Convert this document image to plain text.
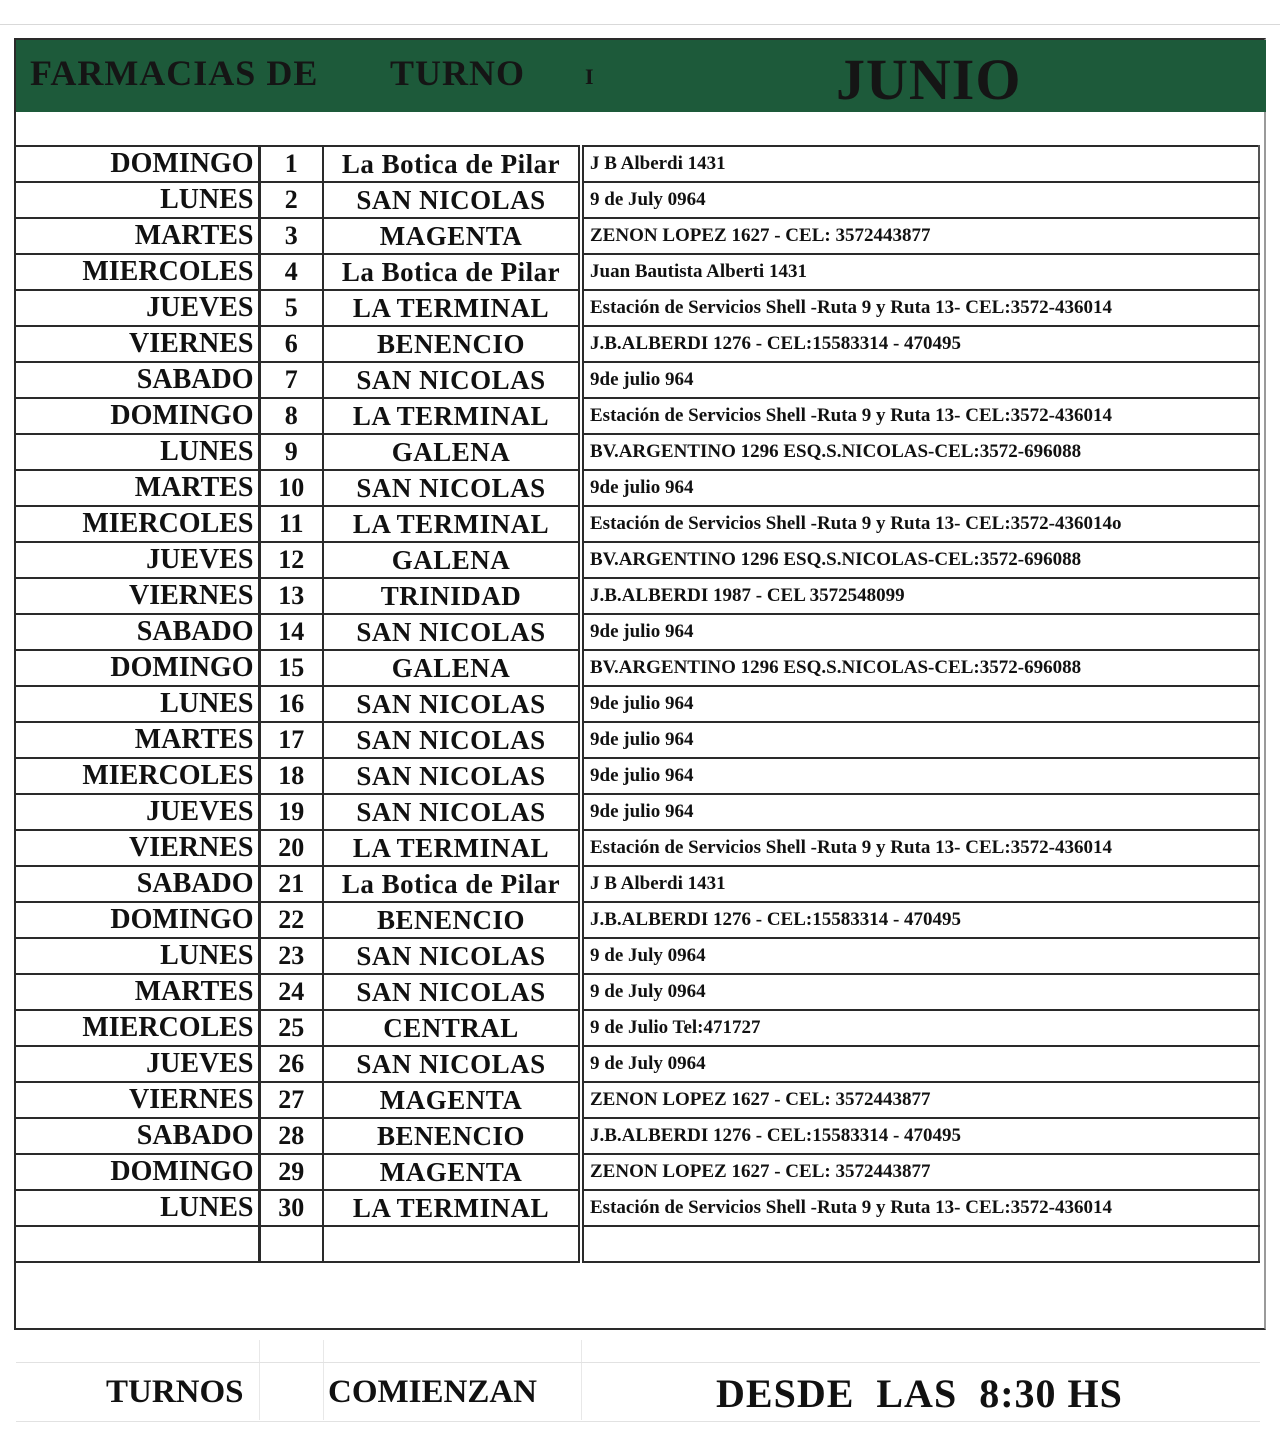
FARMACIAS DE TURNO	I	JUNIO
DOMINGO	1	La Botica de Pilar	J B Alberdi 1431
LUNES	2	SAN NICOLAS	9 de July 0964
MARTES	3	MAGENTA	ZENON LOPEZ 1627 - CEL: 3572443877
MIERCOLES	4	La Botica de Pilar	Juan Bautista Alberti 1431
JUEVES	5	LA TERMINAL	Estación de Servicios Shell -Ruta 9 y Ruta 13- CEL:3572-436014
VIERNES	6	BENENCIO	J.B.ALBERDI 1276 - CEL:15583314 - 470495
SABADO	7	SAN NICOLAS	9de julio 964
DOMINGO	8	LA TERMINAL	Estación de Servicios Shell -Ruta 9 y Ruta 13- CEL:3572-436014
LUNES	9	GALENA	BV.ARGENTINO 1296 ESQ.S.NICOLAS-CEL:3572-696088
MARTES	10	SAN NICOLAS	9de julio 964
MIERCOLES	11	LA TERMINAL	Estación de Servicios Shell -Ruta 9 y Ruta 13- CEL:3572-436014o
JUEVES	12	GALENA	BV.ARGENTINO 1296 ESQ.S.NICOLAS-CEL:3572-696088
VIERNES	13	TRINIDAD	J.B.ALBERDI 1987 - CEL 3572548099
SABADO	14	SAN NICOLAS	9de julio 964
DOMINGO	15	GALENA	BV.ARGENTINO 1296 ESQ.S.NICOLAS-CEL:3572-696088
LUNES	16	SAN NICOLAS	9de julio 964
MARTES	17	SAN NICOLAS	9de julio 964
MIERCOLES	18	SAN NICOLAS	9de julio 964
JUEVES	19	SAN NICOLAS	9de julio 964
VIERNES	20	LA TERMINAL	Estación de Servicios Shell -Ruta 9 y Ruta 13- CEL:3572-436014
SABADO	21	La Botica de Pilar	J B Alberdi 1431
DOMINGO	22	BENENCIO	J.B.ALBERDI 1276 - CEL:15583314 - 470495
LUNES	23	SAN NICOLAS	9 de July 0964
MARTES	24	SAN NICOLAS	9 de July 0964
MIERCOLES	25	CENTRAL	9 de Julio Tel:471727
JUEVES	26	SAN NICOLAS	9 de July 0964
VIERNES	27	MAGENTA	ZENON LOPEZ 1627 - CEL: 3572443877
SABADO	28	BENENCIO	J.B.ALBERDI 1276 - CEL:15583314 - 470495
DOMINGO	29	MAGENTA	ZENON LOPEZ 1627 - CEL: 3572443877
LUNES	30	LA TERMINAL	Estación de Servicios Shell -Ruta 9 y Ruta 13- CEL:3572-436014

TURNOS	COMIENZAN	DESDE  LAS  8:30 HS
